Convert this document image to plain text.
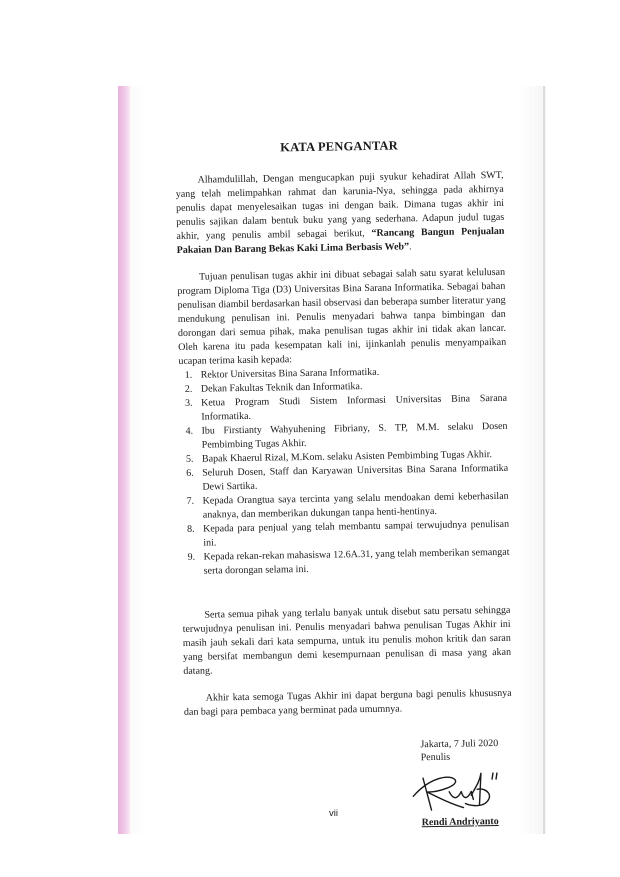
KATA PENGANTAR

Alhamdulillah, Dengan mengucapkan puji syukur kehadirat Allah SWT, yang telah melimpahkan rahmat dan karunia-Nya, sehingga pada akhirnya penulis dapat menyelesaikan tugas ini dengan baik. Dimana tugas akhir ini penulis sajikan dalam bentuk buku yang yang sederhana. Adapun judul tugas akhir, yang penulis ambil sebagai berikut, “Rancang Bangun Penjualan Pakaian Dan Barang Bekas Kaki Lima Berbasis Web”.

Tujuan penulisan tugas akhir ini dibuat sebagai salah satu syarat kelulusan program Diploma Tiga (D3) Universitas Bina Sarana Informatika. Sebagai bahan penulisan diambil berdasarkan hasil observasi dan beberapa sumber literatur yang mendukung penulisan ini. Penulis menyadari bahwa tanpa bimbingan dan dorongan dari semua pihak, maka penulisan tugas akhir ini tidak akan lancar. Oleh karena itu pada kesempatan kali ini, ijinkanlah penulis menyampaikan ucapan terima kasih kepada:

1. Rektor Universitas Bina Sarana Informatika.
2. Dekan Fakultas Teknik dan Informatika.
3. Ketua Program Studi Sistem Informasi Universitas Bina Sarana Informatika.
4. Ibu Firstianty Wahyuhening Fibriany, S. TP, M.M. selaku Dosen Pembimbing Tugas Akhir.
5. Bapak Khaerul Rizal, M.Kom. selaku Asisten Pembimbing Tugas Akhir.
6. Seluruh Dosen, Staff dan Karyawan Universitas Bina Sarana Informatika Dewi Sartika.
7. Kepada Orangtua saya tercinta yang selalu mendoakan demi keberhasilan anaknya, dan memberikan dukungan tanpa henti-hentinya.
8. Kepada para penjual yang telah membantu sampai terwujudnya penulisan ini.
9. Kepada rekan-rekan mahasiswa 12.6A.31, yang telah memberikan semangat serta dorongan selama ini.

Serta semua pihak yang terlalu banyak untuk disebut satu persatu sehingga terwujudnya penulisan ini. Penulis menyadari bahwa penulisan Tugas Akhir ini masih jauh sekali dari kata sempurna, untuk itu penulis mohon kritik dan saran yang bersifat membangun demi kesempurnaan penulisan di masa yang akan datang.

Akhir kata semoga Tugas Akhir ini dapat berguna bagi penulis khususnya dan bagi para pembaca yang berminat pada umumnya.

Jakarta, 7 Juli 2020
Penulis
Rendi Andriyanto
vii
